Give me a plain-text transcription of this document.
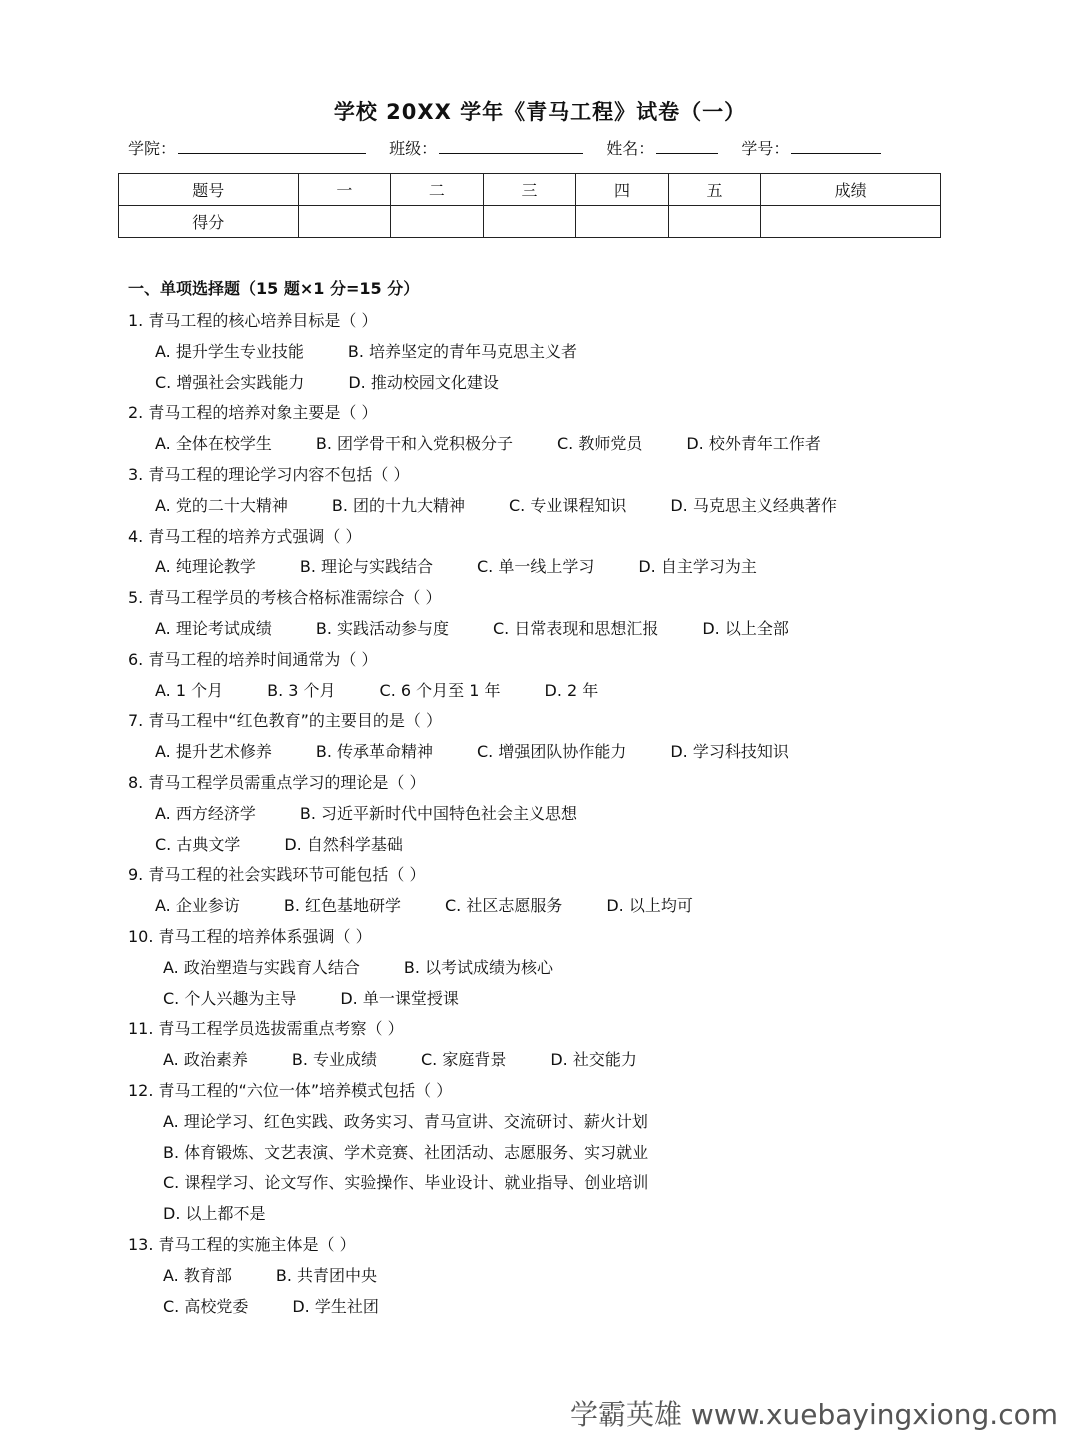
学校 20XX 学年《青马工程》试卷（一）
学院：	班级：	姓名：	学号：
题号	一	二	三	四	五	成绩
得分						
一、单项选择题（15 题×1 分=15 分）
1. 青马工程的核心培养目标是（ ）
A. 提升学生专业技能	B. 培养坚定的青年马克思主义者
C. 增强社会实践能力	D. 推动校园文化建设
2. 青马工程的培养对象主要是（ ）
A. 全体在校学生	B. 团学骨干和入党积极分子	C. 教师党员	D. 校外青年工作者
3. 青马工程的理论学习内容不包括（ ）
A. 党的二十大精神	B. 团的十九大精神	C. 专业课程知识	D. 马克思主义经典著作
4. 青马工程的培养方式强调（ ）
A. 纯理论教学	B. 理论与实践结合	C. 单一线上学习	D. 自主学习为主
5. 青马工程学员的考核合格标准需综合（ ）
A. 理论考试成绩	B. 实践活动参与度	C. 日常表现和思想汇报	D. 以上全部
6. 青马工程的培养时间通常为（ ）
A. 1 个月	B. 3 个月	C. 6 个月至 1 年	D. 2 年
7. 青马工程中“红色教育”的主要目的是（ ）
A. 提升艺术修养	B. 传承革命精神	C. 增强团队协作能力	D. 学习科技知识
8. 青马工程学员需重点学习的理论是（ ）
A. 西方经济学	B. 习近平新时代中国特色社会主义思想
C. 古典文学	D. 自然科学基础
9. 青马工程的社会实践环节可能包括（ ）
A. 企业参访	B. 红色基地研学	C. 社区志愿服务	D. 以上均可
10. 青马工程的培养体系强调（ ）
A. 政治塑造与实践育人结合	B. 以考试成绩为核心
C. 个人兴趣为主导	D. 单一课堂授课
11. 青马工程学员选拔需重点考察（ ）
A. 政治素养	B. 专业成绩	C. 家庭背景	D. 社交能力
12. 青马工程的“六位一体”培养模式包括（ ）
A. 理论学习、红色实践、政务实习、青马宣讲、交流研讨、薪火计划
B. 体育锻炼、文艺表演、学术竞赛、社团活动、志愿服务、实习就业
C. 课程学习、论文写作、实验操作、毕业设计、就业指导、创业培训
D. 以上都不是
13. 青马工程的实施主体是（ ）
A. 教育部	B. 共青团中央
C. 高校党委	D. 学生社团
学霸英雄 www.xuebayingxiong.com
